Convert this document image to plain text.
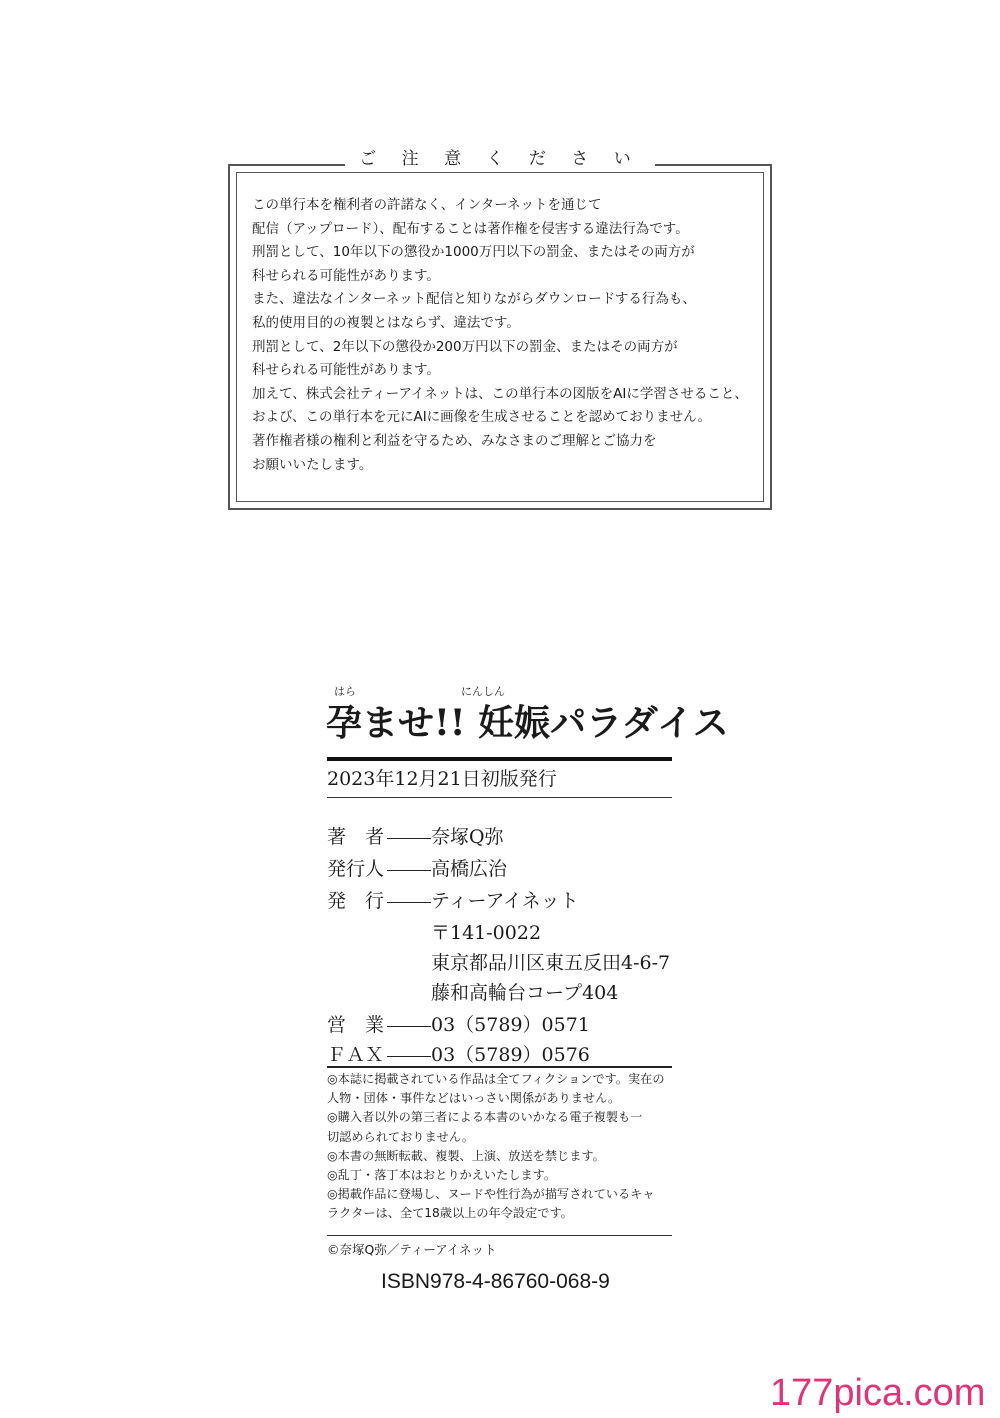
ご 注 意 く だ さ い
この単行本を権利者の許諾なく、インターネットを通じて
配信（アップロード）、配布することは著作権を侵害する違法行為です。
刑罰として、10年以下の懲役か1000万円以下の罰金、またはその両方が
科せられる可能性があります。
また、違法なインターネット配信と知りながらダウンロードする行為も、
私的使用目的の複製とはならず、違法です。
刑罰として、2年以下の懲役か200万円以下の罰金、またはその両方が
科せられる可能性があります。
加えて、株式会社ティーアイネットは、この単行本の図版をAIに学習させること、
および、この単行本を元にAIに画像を生成させることを認めておりません。
著作権者様の権利と利益を守るため、みなさまのご理解とご協力を
お願いいたします。
はら	にんしん
孕ませ!! 妊娠パラダイス
2023年12月21日初版発行
著　者 奈塚Q弥
発行人 高橋広治
発　行 ティーアイネット
〒141-0022
東京都品川区東五反田4-6-7
藤和高輪台コープ404
営　業 03（5789）0571
ＦＡＸ 03（5789）0576
◎本誌に掲載されている作品は全てフィクションです。実在の
人物・団体・事件などはいっさい関係がありません。
◎購入者以外の第三者による本書のいかなる電子複製も一
切認められておりません。
◎本書の無断転載、複製、上演、放送を禁じます。
◎乱丁・落丁本はおとりかえいたします。
◎掲載作品に登場し、ヌードや性行為が描写されているキャ
ラクターは、全て18歳以上の年令設定です。
©奈塚Q弥／ティーアイネット
ISBN978-4-86760-068-9
177pica.com
